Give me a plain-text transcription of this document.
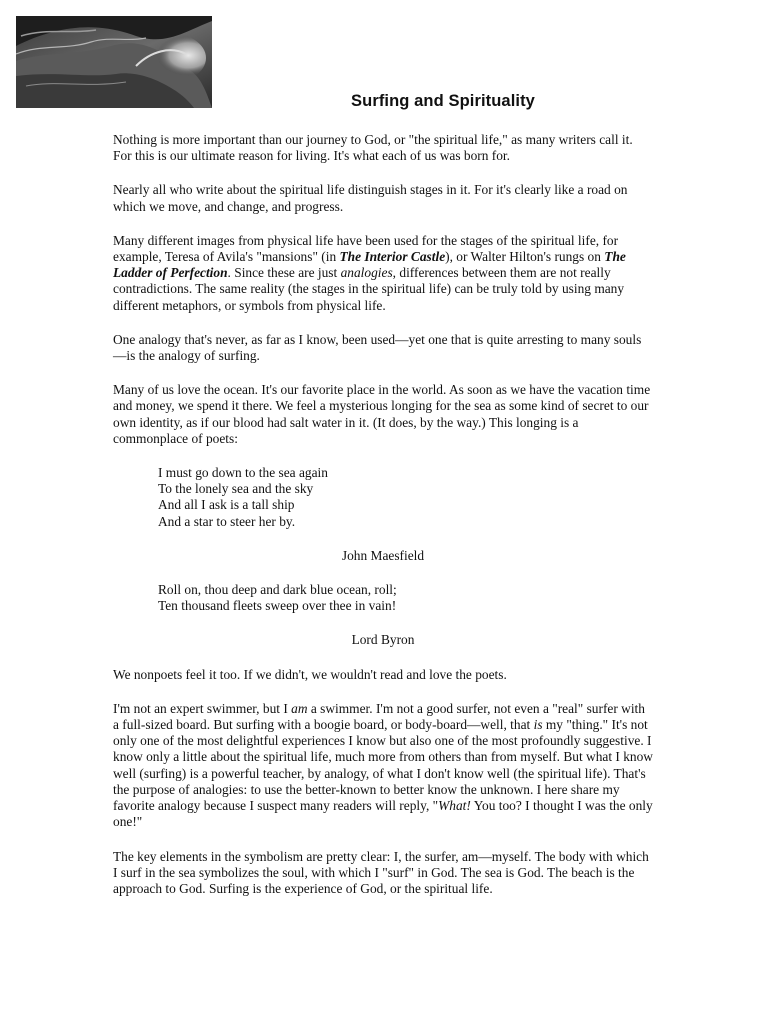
Surfing and Spirituality

Nothing is more important than our journey to God, or "the spiritual life," as many writers call it. For this is our ultimate reason for living. It's what each of us was born for.

Nearly all who write about the spiritual life distinguish stages in it. For it's clearly like a road on which we move, and change, and progress.

Many different images from physical life have been used for the stages of the spiritual life, for example, Teresa of Avila's "mansions" (in The Interior Castle), or Walter Hilton's rungs on The Ladder of Perfection. Since these are just analogies, differences between them are not really contradictions. The same reality (the stages in the spiritual life) can be truly told by using many different metaphors, or symbols from physical life.

One analogy that's never, as far as I know, been used—yet one that is quite arresting to many souls—is the analogy of surfing.

Many of us love the ocean. It's our favorite place in the world. As soon as we have the vacation time and money, we spend it there. We feel a mysterious longing for the sea as some kind of secret to our own identity, as if our blood had salt water in it. (It does, by the way.) This longing is a commonplace of poets:

I must go down to the sea again
To the lonely sea and the sky
And all I ask is a tall ship
And a star to steer her by.
John Maesfield
Roll on, thou deep and dark blue ocean, roll;
Ten thousand fleets sweep over thee in vain!
Lord Byron

We nonpoets feel it too. If we didn't, we wouldn't read and love the poets.

I'm not an expert swimmer, but I am a swimmer. I'm not a good surfer, not even a "real" surfer with a full-sized board. But surfing with a boogie board, or body-board—well, that is my "thing." It's not only one of the most delightful experiences I know but also one of the most profoundly suggestive. I know only a little about the spiritual life, much more from others than from myself. But what I know well (surfing) is a powerful teacher, by analogy, of what I don't know well (the spiritual life). That's the purpose of analogies: to use the better-known to better know the unknown. I here share my favorite analogy because I suspect many readers will reply, "What! You too? I thought I was the only one!"

The key elements in the symbolism are pretty clear: I, the surfer, am—myself. The body with which I surf in the sea symbolizes the soul, with which I "surf" in God. The sea is God. The beach is the approach to God. Surfing is the experience of God, or the spiritual life.
